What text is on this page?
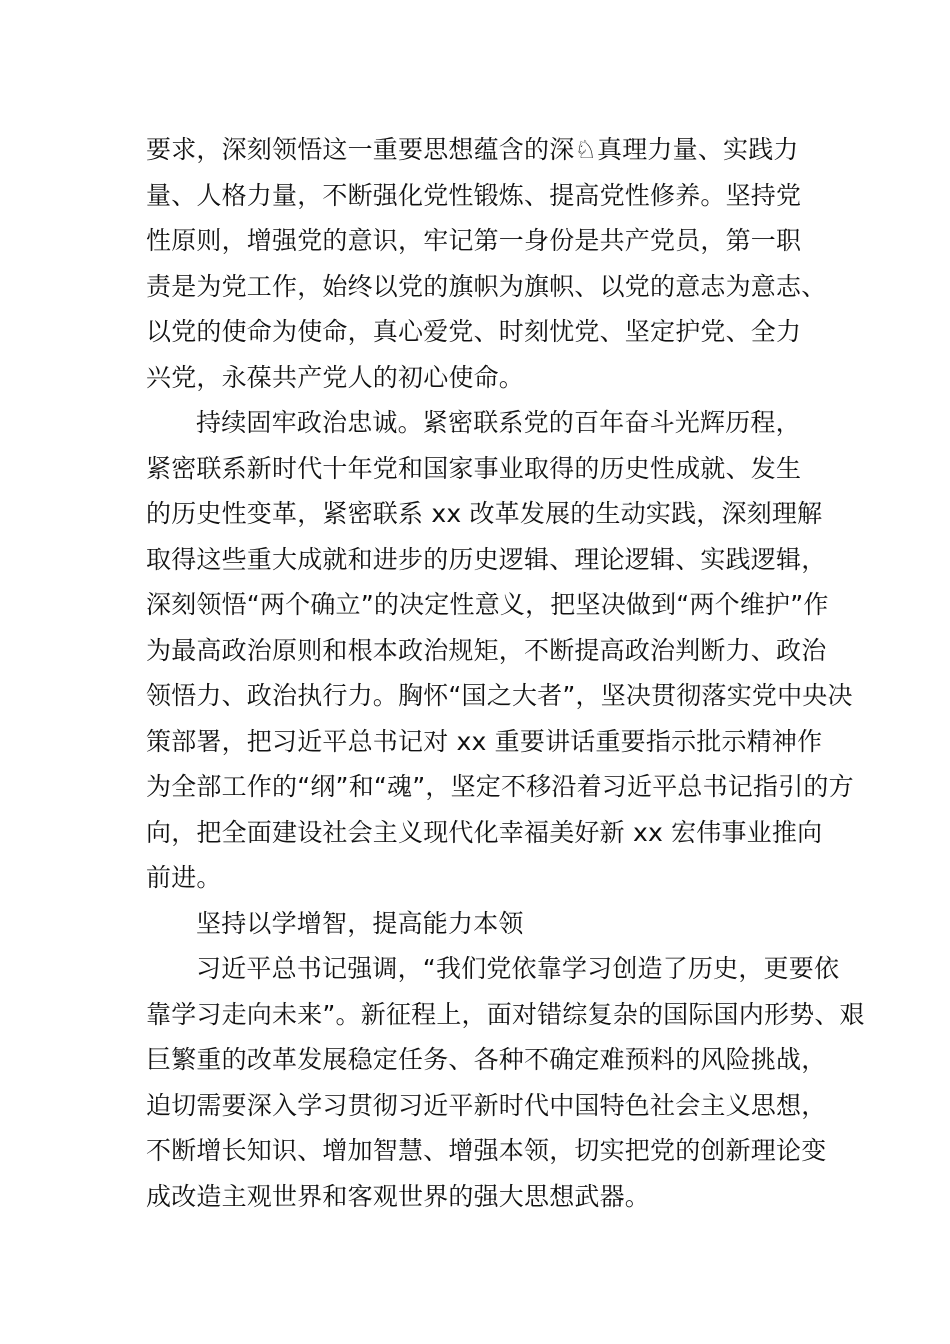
要求，深刻领悟这一重要思想蕴含的深♘真理力量、实践力
量、人格力量，不断强化党性锻炼、提高党性修养。坚持党
性原则，增强党的意识，牢记第一身份是共产党员，第一职
责是为党工作，始终以党的旗帜为旗帜、以党的意志为意志、
以党的使命为使命，真心爱党、时刻忧党、坚定护党、全力
兴党，永葆共产党人的初心使命。
持续固牢政治忠诚。紧密联系党的百年奋斗光辉历程，
紧密联系新时代十年党和国家事业取得的历史性成就、发生
的历史性变革，紧密联系 xx 改革发展的生动实践，深刻理解
取得这些重大成就和进步的历史逻辑、理论逻辑、实践逻辑，
深刻领悟“两个确立”的决定性意义，把坚决做到“两个维护”作
为最高政治原则和根本政治规矩，不断提高政治判断力、政治
领悟力、政治执行力。胸怀“国之大者”，坚决贯彻落实党中央决
策部署，把习近平总书记对 xx 重要讲话重要指示批示精神作
为全部工作的“纲”和“魂”，坚定不移沿着习近平总书记指引的方
向，把全面建设社会主义现代化幸福美好新 xx 宏伟事业推向
前进。
坚持以学增智，提高能力本领
习近平总书记强调，“我们党依靠学习创造了历史，更要依
靠学习走向未来”。新征程上，面对错综复杂的国际国内形势、艰
巨繁重的改革发展稳定任务、各种不确定难预料的风险挑战，
迫切需要深入学习贯彻习近平新时代中国特色社会主义思想，
不断增长知识、增加智慧、增强本领，切实把党的创新理论变
成改造主观世界和客观世界的强大思想武器。
